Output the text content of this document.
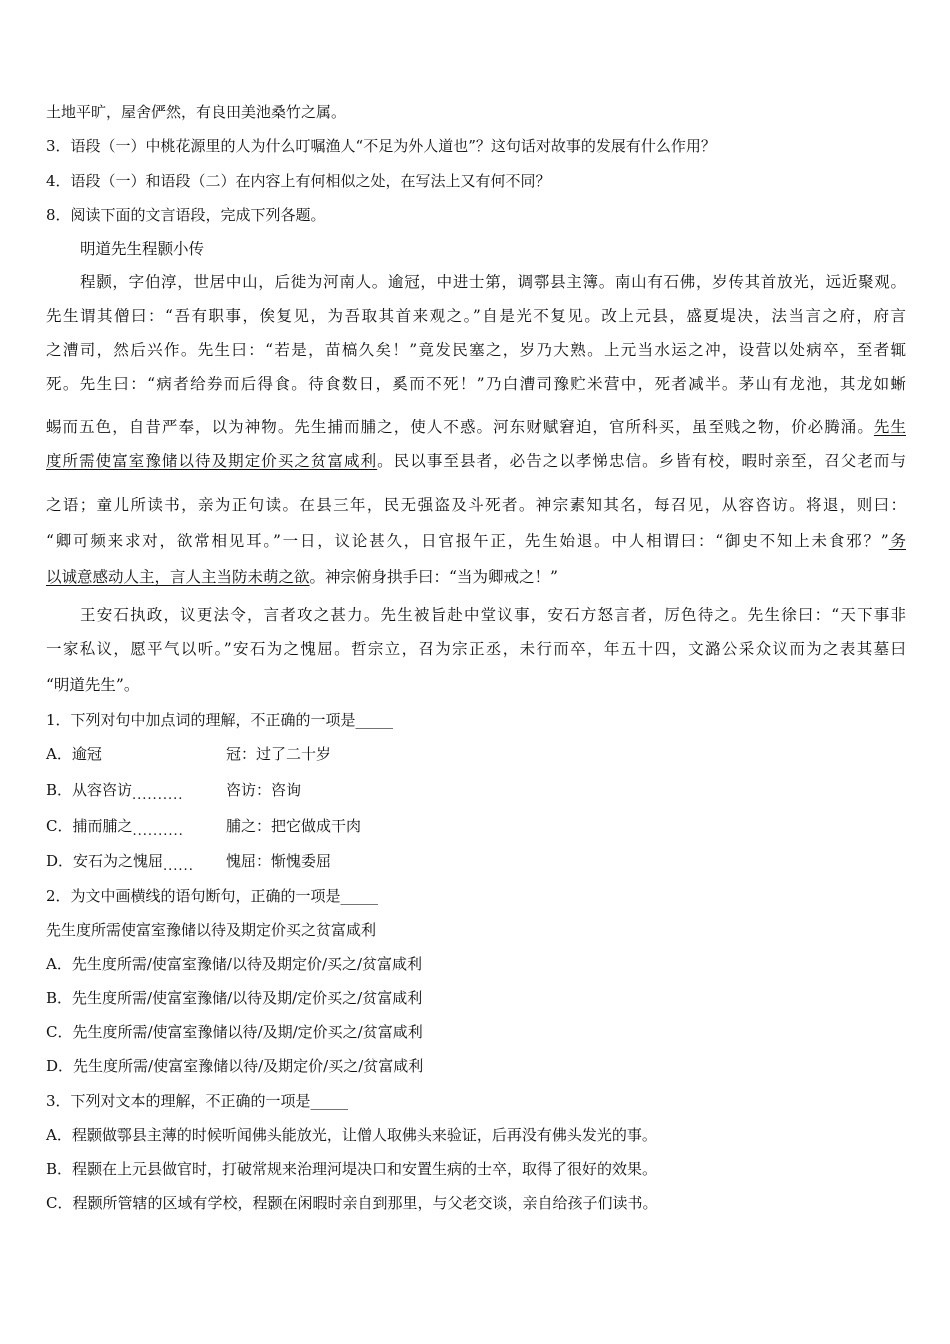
土地平旷，屋舍俨然，有良田美池桑竹之属。
3．语段（一）中桃花源里的人为什么叮嘱渔人“不足为外人道也”？这句话对故事的发展有什么作用？
4．语段（一）和语段（二）在内容上有何相似之处，在写法上又有何不同？
8．阅读下面的文言语段，完成下列各题。
明道先生程颢小传
程颢，字伯淳，世居中山，后徙为河南人。逾冠，中进士第，调鄠县主簿。南山有石佛，岁传其首放光，远近聚观。
先生谓其僧曰：“吾有职事，俟复见，为吾取其首来观之。”自是光不复见。改上元县，盛夏堤决，法当言之府，府言
之漕司，然后兴作。先生曰：“若是，苗槁久矣！”竟发民塞之，岁乃大熟。上元当水运之冲，设营以处病卒，至者辄
死。先生曰：“病者给券而后得食。待食数日，奚而不死！”乃白漕司豫贮米营中，死者减半。茅山有龙池，其龙如蜥
蜴而五色，自昔严奉，以为神物。先生捕而脯之，使人不惑。河东财赋窘迫，官所科买，虽至贱之物，价必腾涌。先生
度所需使富室豫储以待及期定价买之贫富咸利。民以事至县者，必告之以孝悌忠信。乡皆有校，暇时亲至，召父老而与
之语；童儿所读书，亲为正句读。在县三年，民无强盗及斗死者。神宗素知其名，每召见，从容咨访。将退，则曰：
“卿可频来求对，欲常相见耳。”一日，议论甚久，日官报午正，先生始退。中人相谓曰：“御史不知上未食邪？”务
以诚意感动人主，言人主当防未萌之欲。神宗俯身拱手曰：“当为卿戒之！”
王安石执政，议更法令，言者攻之甚力。先生被旨赴中堂议事，安石方怒言者，厉色待之。先生徐曰：“天下事非
一家私议，愿平气以听。”安石为之愧屈。哲宗立，召为宗正丞，未行而卒，年五十四，文潞公采众议而为之表其墓曰
“明道先生”。
1．下列对句中加点词的理解，不正确的一项是_____
A．逾冠	冠：过了二十岁
B．从容咨访..........	咨访：咨询
C．捕而脯之..........	脯之：把它做成干肉
D．安石为之愧屈...... 愧屈：惭愧委屈
2．为文中画横线的语句断句，正确的一项是_____
先生度所需使富室豫储以待及期定价买之贫富咸利
A．先生度所需/使富室豫储/以待及期定价/买之/贫富咸利
B．先生度所需/使富室豫储/以待及期/定价买之/贫富咸利
C．先生度所需/使富室豫储以待/及期/定价买之/贫富咸利
D．先生度所需/使富室豫储以待/及期定价/买之/贫富咸利
3．下列对文本的理解，不正确的一项是_____
A．程颢做鄠县主薄的时候听闻佛头能放光，让僧人取佛头来验证，后再没有佛头发光的事。
B．程颢在上元县做官时，打破常规来治理河堤决口和安置生病的士卒，取得了很好的效果。
C．程颢所管辖的区域有学校，程颢在闲暇时亲自到那里，与父老交谈，亲自给孩子们读书。
